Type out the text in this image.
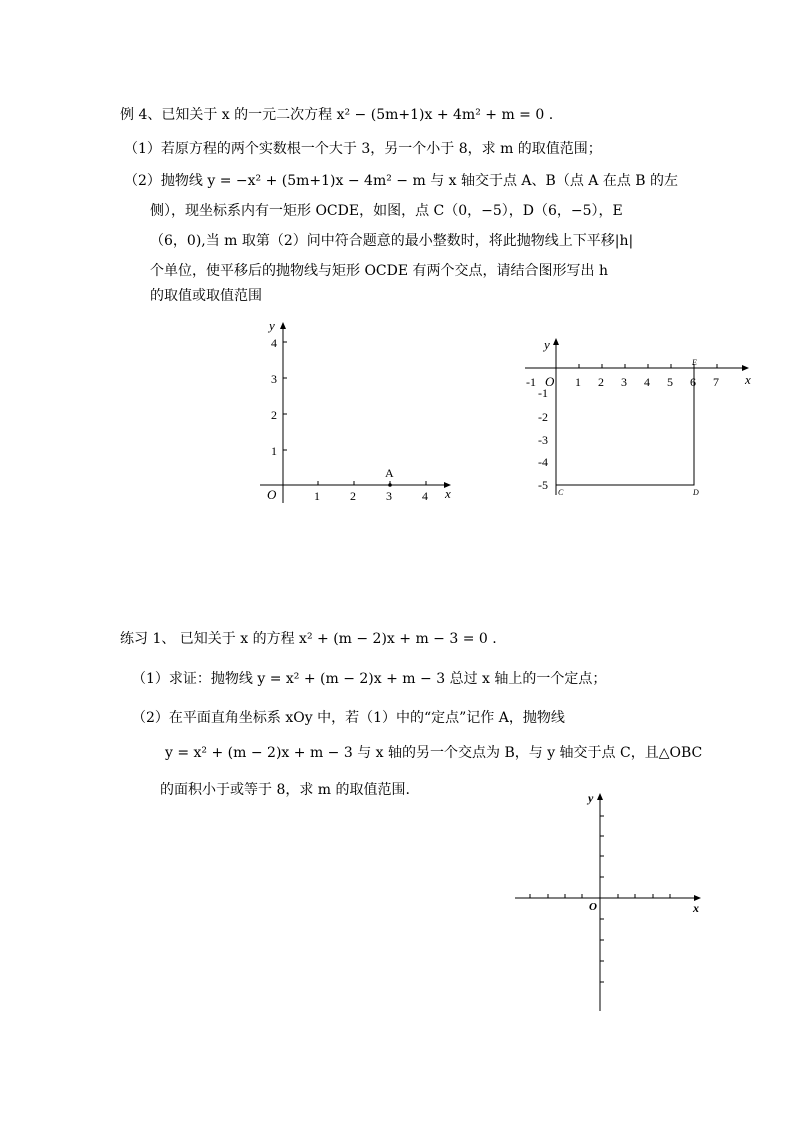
例 4、已知关于 x 的一元二次方程 x² − (5m+1)x + 4m² + m = 0 .
（1）若原方程的两个实数根一个大于 3，另一个小于 8，求 m 的取值范围；
（2）抛物线 y = −x² + (5m+1)x − 4m² − m 与 x 轴交于点 A、B（点 A 在点 B 的左
侧），现坐标系内有一矩形 OCDE，如图，点 C（0，−5），D（6，−5），E
（6，0),当 m 取第（2）问中符合题意的最小整数时，将此抛物线上下平移|h|
个单位，使平移后的抛物线与矩形 OCDE 有两个交点，请结合图形写出 h
的取值或取值范围
y
x
O
1
2
3
4
1	2	3	4
A
y
x
O
-1	1 2 3 4 5 6 7
-1
-2
-3
-4
-5
C	D
E
练习 1、 已知关于 x 的方程 x² + (m − 2)x + m − 3 = 0 .
（1）求证：抛物线 y = x² + (m − 2)x + m − 3 总过 x 轴上的一个定点；
（2）在平面直角坐标系 xOy 中，若（1）中的“定点”记作 A，抛物线
y = x² + (m − 2)x + m − 3 与 x 轴的另一个交点为 B，与 y 轴交于点 C，且△OBC
的面积小于或等于 8，求 m 的取值范围.	y
x
O
